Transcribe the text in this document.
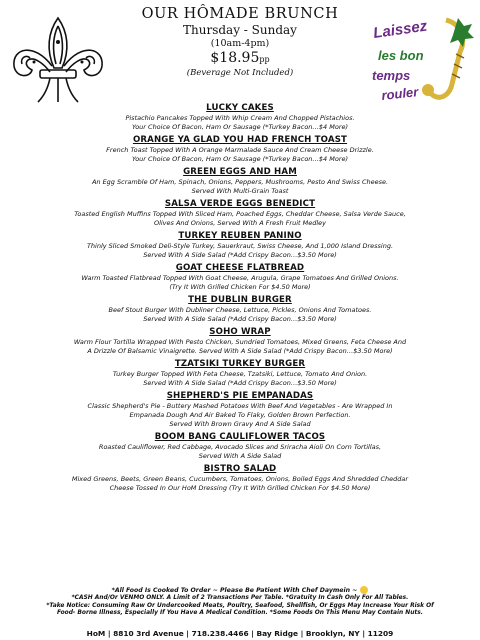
OUR HÔMADE BRUNCH
Thursday - Sunday
(10am-4pm)
$18.95pp
(Beverage Not Included)
Laissez
les bon
temps
rouler
LUCKY CAKES
Pistachio Pancakes Topped With Whip Cream And Chopped Pistachios.
Your Choice Of Bacon, Ham Or Sausage (*Turkey Bacon…$4 More)
ORANGE YA GLAD YOU HAD FRENCH TOAST
French Toast Topped With A Orange Marmalade Sauce And Cream Cheese Drizzle.
Your Choice Of Bacon, Ham Or Sausage (*Turkey Bacon…$4 More)
GREEN EGGS AND HAM
An Egg Scramble Of Ham, Spinach, Onions, Peppers, Mushrooms, Pesto And Swiss Cheese.
Served With Multi-Grain Toast
SALSA VERDE EGGS BENEDICT
Toasted English Muffins Topped With Sliced Ham, Poached Eggs, Cheddar Cheese, Salsa Verde Sauce,
Olives And Onions, Served With A Fresh Fruit Medley
TURKEY REUBEN PANINO
Thinly Sliced Smoked Deli-Style Turkey, Sauerkraut, Swiss Cheese, And 1,000 Island Dressing.
Served With A Side Salad (*Add Crispy Bacon…$3.50 More)
GOAT CHEESE FLATBREAD
Warm Toasted Flatbread Topped With Goat Cheese, Arugula, Grape Tomatoes And Grilled Onions.
(Try It With Grilled Chicken For $4.50 More)
THE DUBLIN BURGER
Beef Stout Burger With Dubliner Cheese, Lettuce, Pickles, Onions And Tomatoes.
Served With A Side Salad (*Add Crispy Bacon…$3.50 More)
SOHO WRAP
Warm Flour Tortilla Wrapped With Pesto Chicken, Sundried Tomatoes, Mixed Greens, Feta Cheese And
A Drizzle Of Balsamic Vinaigrette. Served With A Side Salad (*Add Crispy Bacon…$3.50 More)
TZATSIKI TURKEY BURGER
Turkey Burger Topped With Feta Cheese, Tzatsiki, Lettuce, Tomato And Onion.
Served With A Side Salad (*Add Crispy Bacon…$3.50 More)
SHEPHERD'S PIE EMPANADAS
Classic Shepherd's Pie - Buttery Mashed Potatoes With Beef And Vegetables - Are Wrapped In
Empanada Dough And Air Baked To Flaky, Golden Brown Perfection.
Served With Brown Gravy And A Side Salad
BOOM BANG CAULIFLOWER TACOS
Roasted Cauliflower, Red Cabbage, Avocado Slices and Sriracha Aioli On Corn Tortillas,
Served With A Side Salad
BISTRO SALAD
Mixed Greens, Beets, Green Beans, Cucumbers, Tomatoes, Onions, Boiled Eggs And Shredded Cheddar
Cheese Tossed In Our HoM Dressing (Try It With Grilled Chicken For $4.50 More)
*All Food Is Cooked To Order ~ Please Be Patient With Chef Daymein ~
*CASH And/Or VENMO ONLY. A Limit of 2 Transactions Per Table. *Gratuity In Cash Only For All Tables.
*Take Notice: Consuming Raw Or Undercooked Meats, Poultry, Seafood, Shellfish, Or Eggs May Increase Your Risk Of
Food- Borne Illness, Especially If You Have A Medical Condition. *Some Foods On This Menu May Contain Nuts.
HoM | 8810 3rd Avenue | 718.238.4466 | Bay Ridge | Brooklyn, NY | 11209
